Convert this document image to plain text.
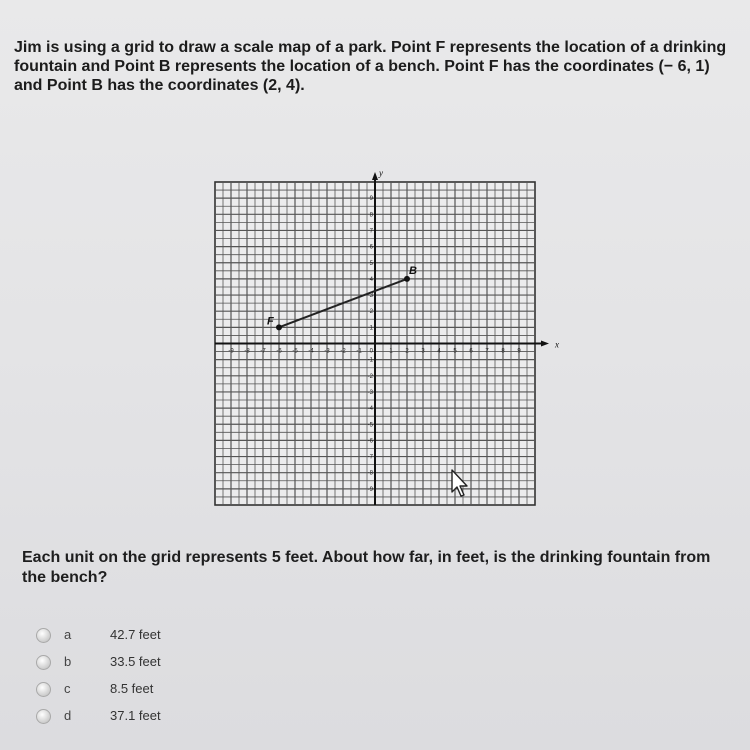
Jim is using a grid to draw a scale map of a park. Point F represents the location of a drinking fountain and Point B represents the location of a bench. Point F has the coordinates (− 6, 1) and Point B has the coordinates (2, 4).
x
y
-9 -8 -7 -6 -5 -4 -3 -2 -1	1 2 3 4 5 6 7 8 9
-9
-8
-7
-6
-5
-4
-3
-2
-1
1
2
3
4
5
6
7
8
9
0
F
B
Each unit on the grid represents 5 feet. About how far, in feet, is the drinking fountain from the bench?
a	42.7 feet
b	33.5 feet
c	8.5 feet
d	37.1 feet
